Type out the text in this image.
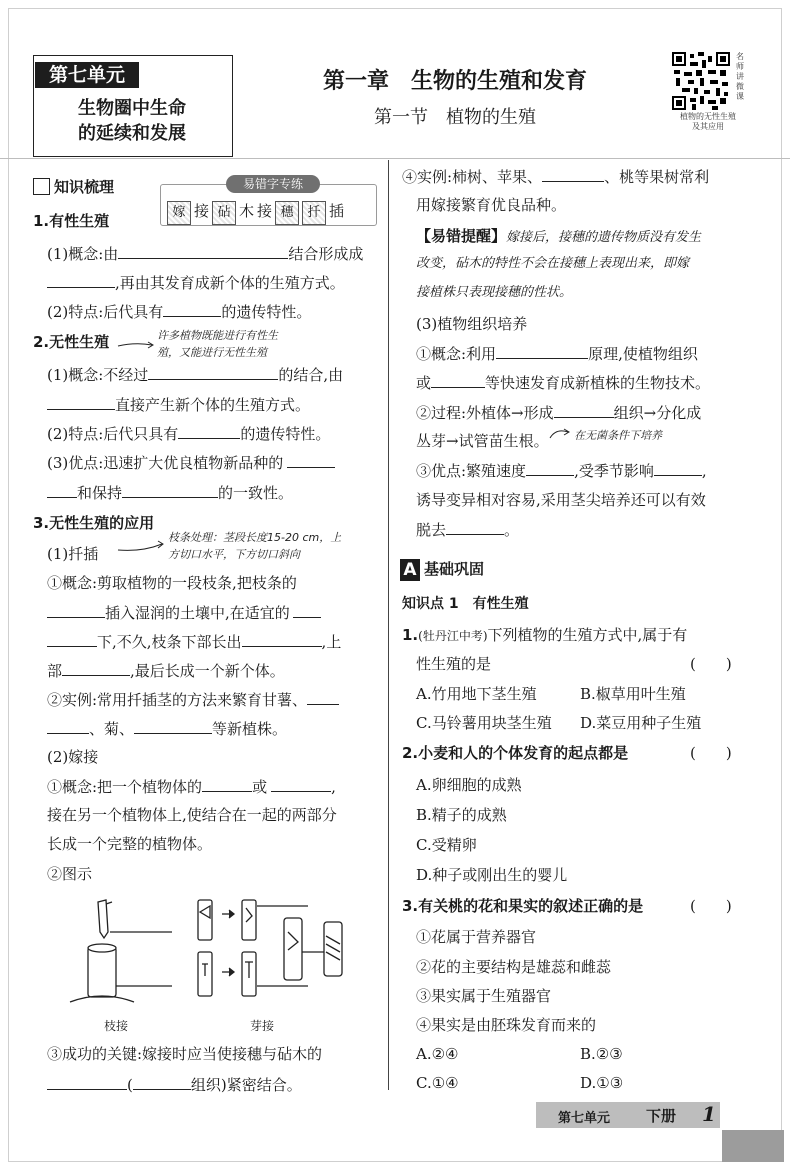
第七单元
生物圈中生命
的延续和发展
第一章　生物的生殖和发育
第一节　植物的生殖
名师讲微课
植物的无性生殖
及其应用
知识梳理	易错字专练
嫁 接 砧 木 接 穗 扦 插
1.有性生殖
(1)概念:由	结合形成成
,再由其发育成新个体的生殖方式。
(2)特点:后代具有	的遗传特性。
2.无性生殖	许多植物既能进行有性生
殖，又能进行无性生殖
(1)概念:不经过	的结合,由
直接产生新个体的生殖方式。
(2)特点:后代只具有	的遗传特性。
(3)优点:迅速扩大优良植物新品种的
和保持	的一致性。
3.无性生殖的应用
枝条处理：茎段长度15-20 cm，上
方切口水平，下方切口斜向
(1)扦插
①概念:剪取植物的一段枝条,把枝条的
插入湿润的土壤中,在适宜的
下,不久,枝条下部长出	,上
部	,最后长成一个新个体。
②实例:常用扦插茎的方法来繁育甘薯、
、菊、	等新植株。
(2)嫁接
①概念:把一个植物体的	或	,
接在另一个植物体上,使结合在一起的两部分
长成一个完整的植物体。
②图示
枝接	芽接
③成功的关键:嫁接时应当使接穗与砧木的
(	组织)紧密结合。
④实例:柿树、苹果、	、桃等果树常利
用嫁接繁育优良品种。
【易错提醒】嫁接后，接穗的遗传物质没有发生
改变，砧木的特性不会在接穗上表现出来，即嫁
接植株只表现接穗的性状。
(3)植物组织培养
①概念:利用	原理,使植物组织
或	等快速发育成新植株的生物技术。
②过程:外植体→形成	组织→分化成
丛芽→试管苗生根。 在无菌条件下培养
③优点:繁殖速度	,受季节影响	,
诱导变异相对容易,采用茎尖培养还可以有效
脱去	。
A 基础巩固
知识点 1　有性生殖
1.(牡丹江中考)下列植物的生殖方式中,属于有
性生殖的是	(　　)
A.竹用地下茎生殖	B.椒草用叶生殖
C.马铃薯用块茎生殖 D.菜豆用种子生殖
2.小麦和人的个体发育的起点都是	(　　)
A.卵细胞的成熟
B.精子的成熟
C.受精卵
D.种子或刚出生的婴儿
3.有关桃的花和果实的叙述正确的是	(　　)
①花属于营养器官
②花的主要结构是雄蕊和雌蕊
③果实属于生殖器官
④果实是由胚珠发育而来的
A.②④	B.②③
C.①④	D.①③
第七单元 下册 1
